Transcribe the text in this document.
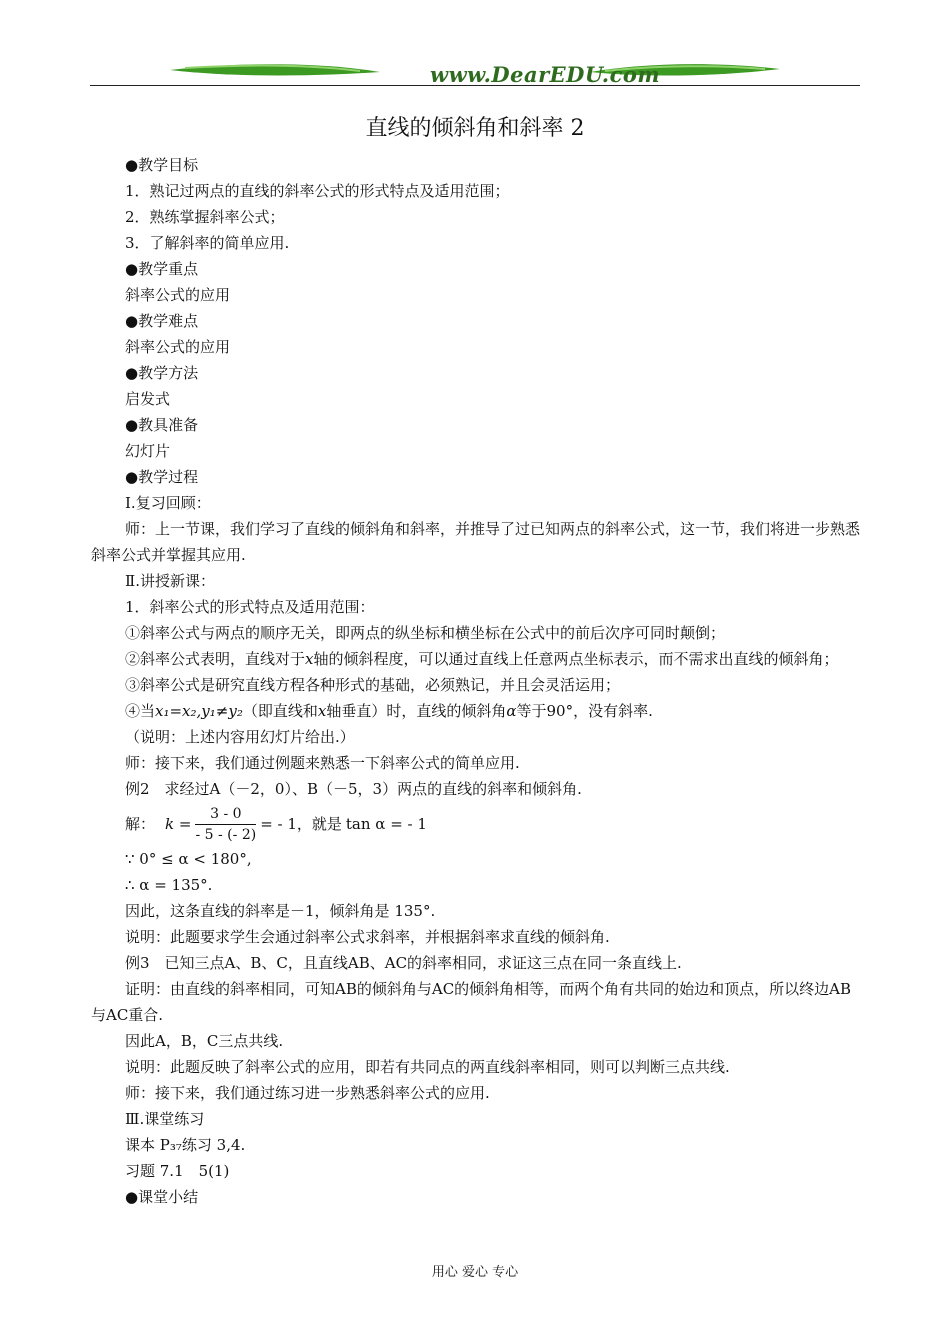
www.DearEDU.com
直线的倾斜角和斜率 2

●教学目标

1．熟记过两点的直线的斜率公式的形式特点及适用范围；

2．熟练掌握斜率公式；

3．了解斜率的简单应用.

●教学重点

斜率公式的应用

●教学难点

斜率公式的应用

●教学方法

启发式

●教具准备

幻灯片

●教学过程

Ⅰ.复习回顾：

师：上一节课，我们学习了直线的倾斜角和斜率，并推导了过已知两点的斜率公式，这一节，我们将进一步熟悉斜率公式并掌握其应用.

Ⅱ.讲授新课：

1．斜率公式的形式特点及适用范围：

①斜率公式与两点的顺序无关，即两点的纵坐标和横坐标在公式中的前后次序可同时颠倒；

②斜率公式表明，直线对于x轴的倾斜程度，可以通过直线上任意两点坐标表示，而不需求出直线的倾斜角；

③斜率公式是研究直线方程各种形式的基础，必须熟记，并且会灵活运用；

④当x₁=x₂,y₁≠y₂（即直线和x轴垂直）时，直线的倾斜角α等于90°，没有斜率.

（说明：上述内容用幻灯片给出.）

师：接下来，我们通过例题来熟悉一下斜率公式的简单应用.

例2　求经过A（－2，0）、B（－5，3）两点的直线的斜率和倾斜角.

解： $k = \frac{3 - 0}{- 5 - (- 2)}$ = - 1，就是 tan α = - 1

∵ 0° ≤ α < 180°,

∴ α = 135°.

因此，这条直线的斜率是－1，倾斜角是 135°.

说明：此题要求学生会通过斜率公式求斜率，并根据斜率求直线的倾斜角.

例3　已知三点A、B、C，且直线AB、AC的斜率相同，求证这三点在同一条直线上.

证明：由直线的斜率相同，可知AB的倾斜角与AC的倾斜角相等，而两个角有共同的始边和顶点，所以终边AB与AC重合.

因此A，B，C三点共线.

说明：此题反映了斜率公式的应用，即若有共同点的两直线斜率相同，则可以判断三点共线.

师：接下来，我们通过练习进一步熟悉斜率公式的应用.

Ⅲ.课堂练习

课本 P₃₇练习 3,4.

习题 7.1　5(1)

●课堂小结

用心 爱心 专心
